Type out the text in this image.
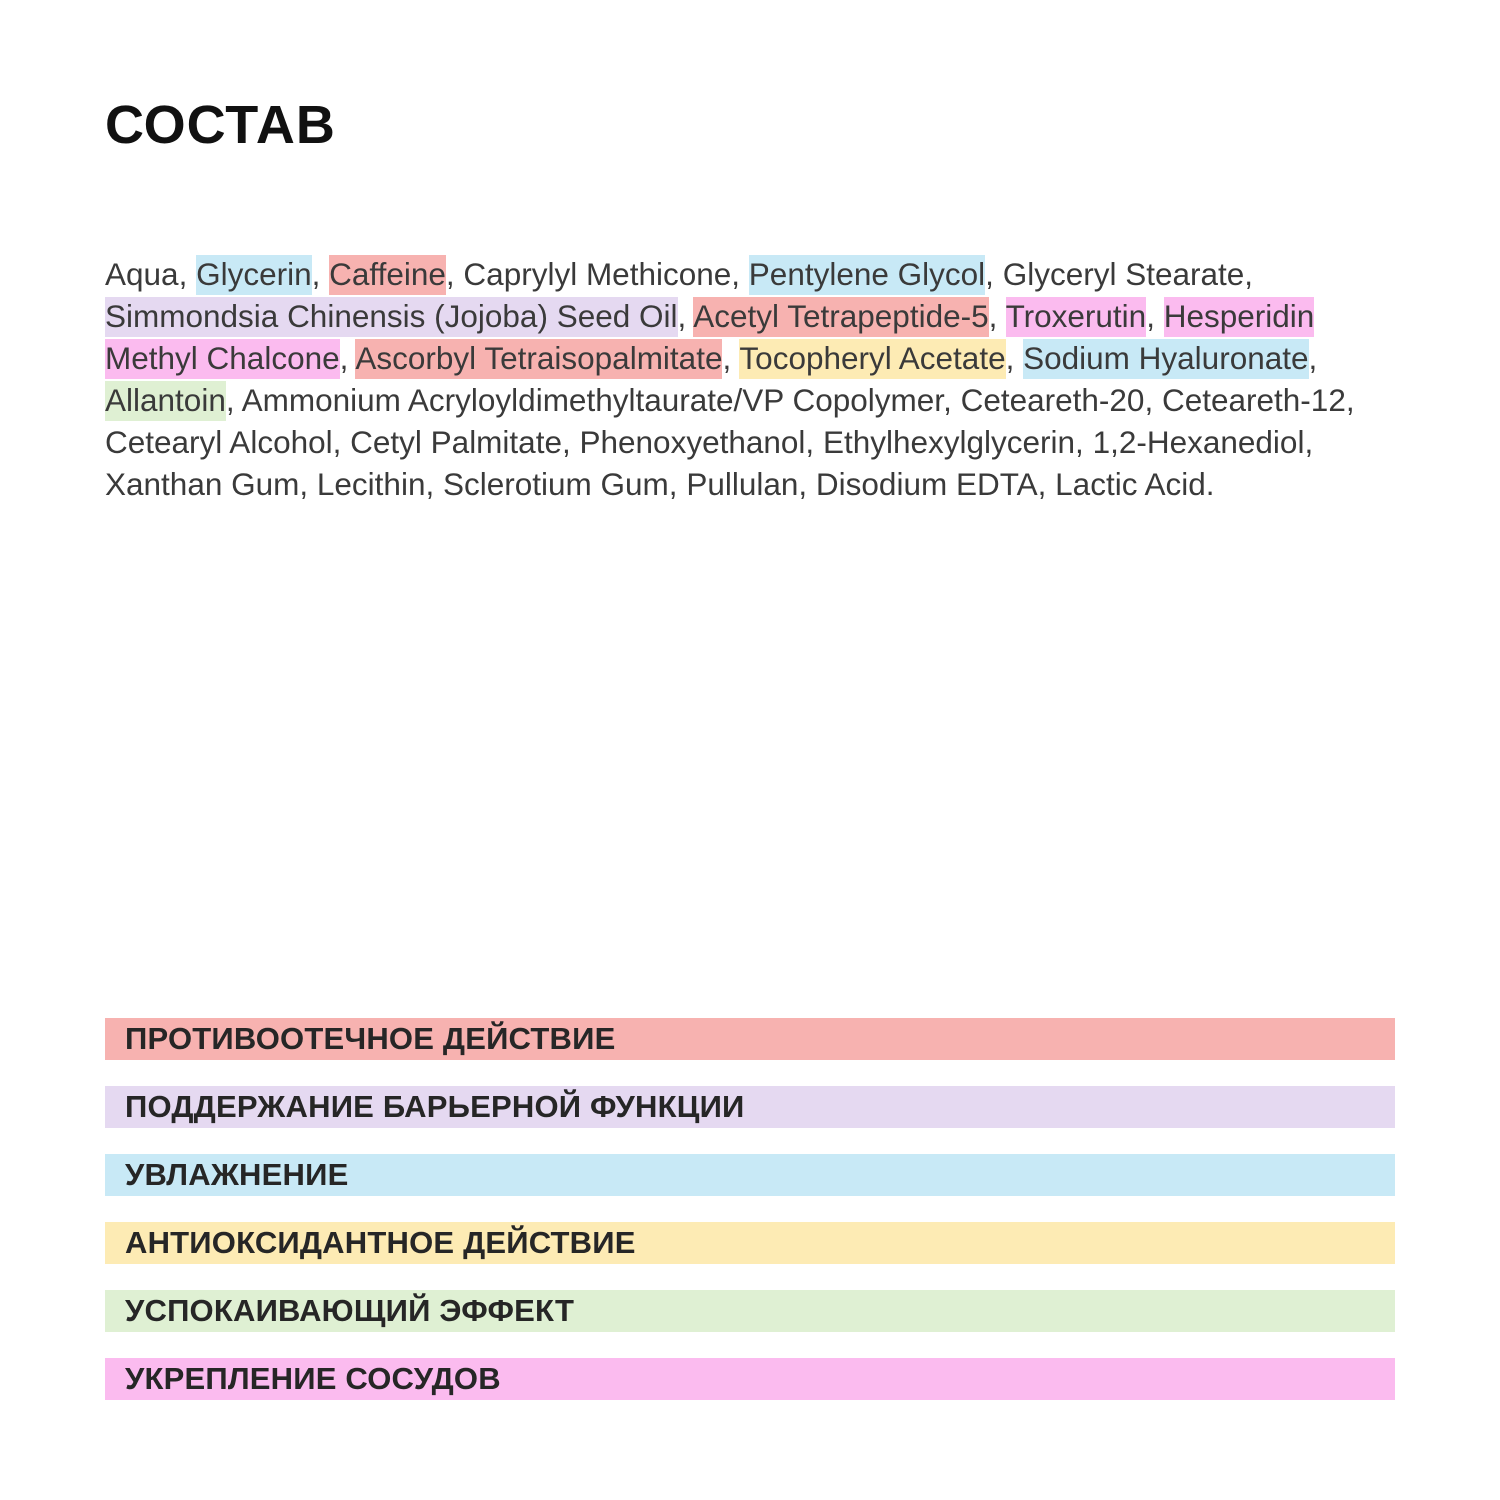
СОСТАВ

Aqua, Glycerin, Caffeine, Caprylyl Methicone, Pentylene Glycol, Glyceryl Stearate, Simmondsia Chinensis (Jojoba) Seed Oil, Acetyl Tetrapeptide-5, Troxerutin, Hesperidin Methyl Chalcone, Ascorbyl Tetraisopalmitate, Tocopheryl Acetate, Sodium Hyaluronate, Allantoin, Ammonium Acryloyldimethyltaurate/VP Copolymer, Ceteareth-20, Ceteareth-12, Cetearyl Alcohol, Cetyl Palmitate, Phenoxyethanol, Ethylhexylglycerin, 1,2-Hexanediol, Xanthan Gum, Lecithin, Sclerotium Gum, Pullulan, Disodium EDTA, Lactic Acid.

ПРОТИВООТЕЧНОЕ ДЕЙСТВИЕ
ПОДДЕРЖАНИЕ БАРЬЕРНОЙ ФУНКЦИИ
УВЛАЖНЕНИЕ
АНТИОКСИДАНТНОЕ ДЕЙСТВИЕ
УСПОКАИВАЮЩИЙ ЭФФЕКТ
УКРЕПЛЕНИЕ СОСУДОВ
